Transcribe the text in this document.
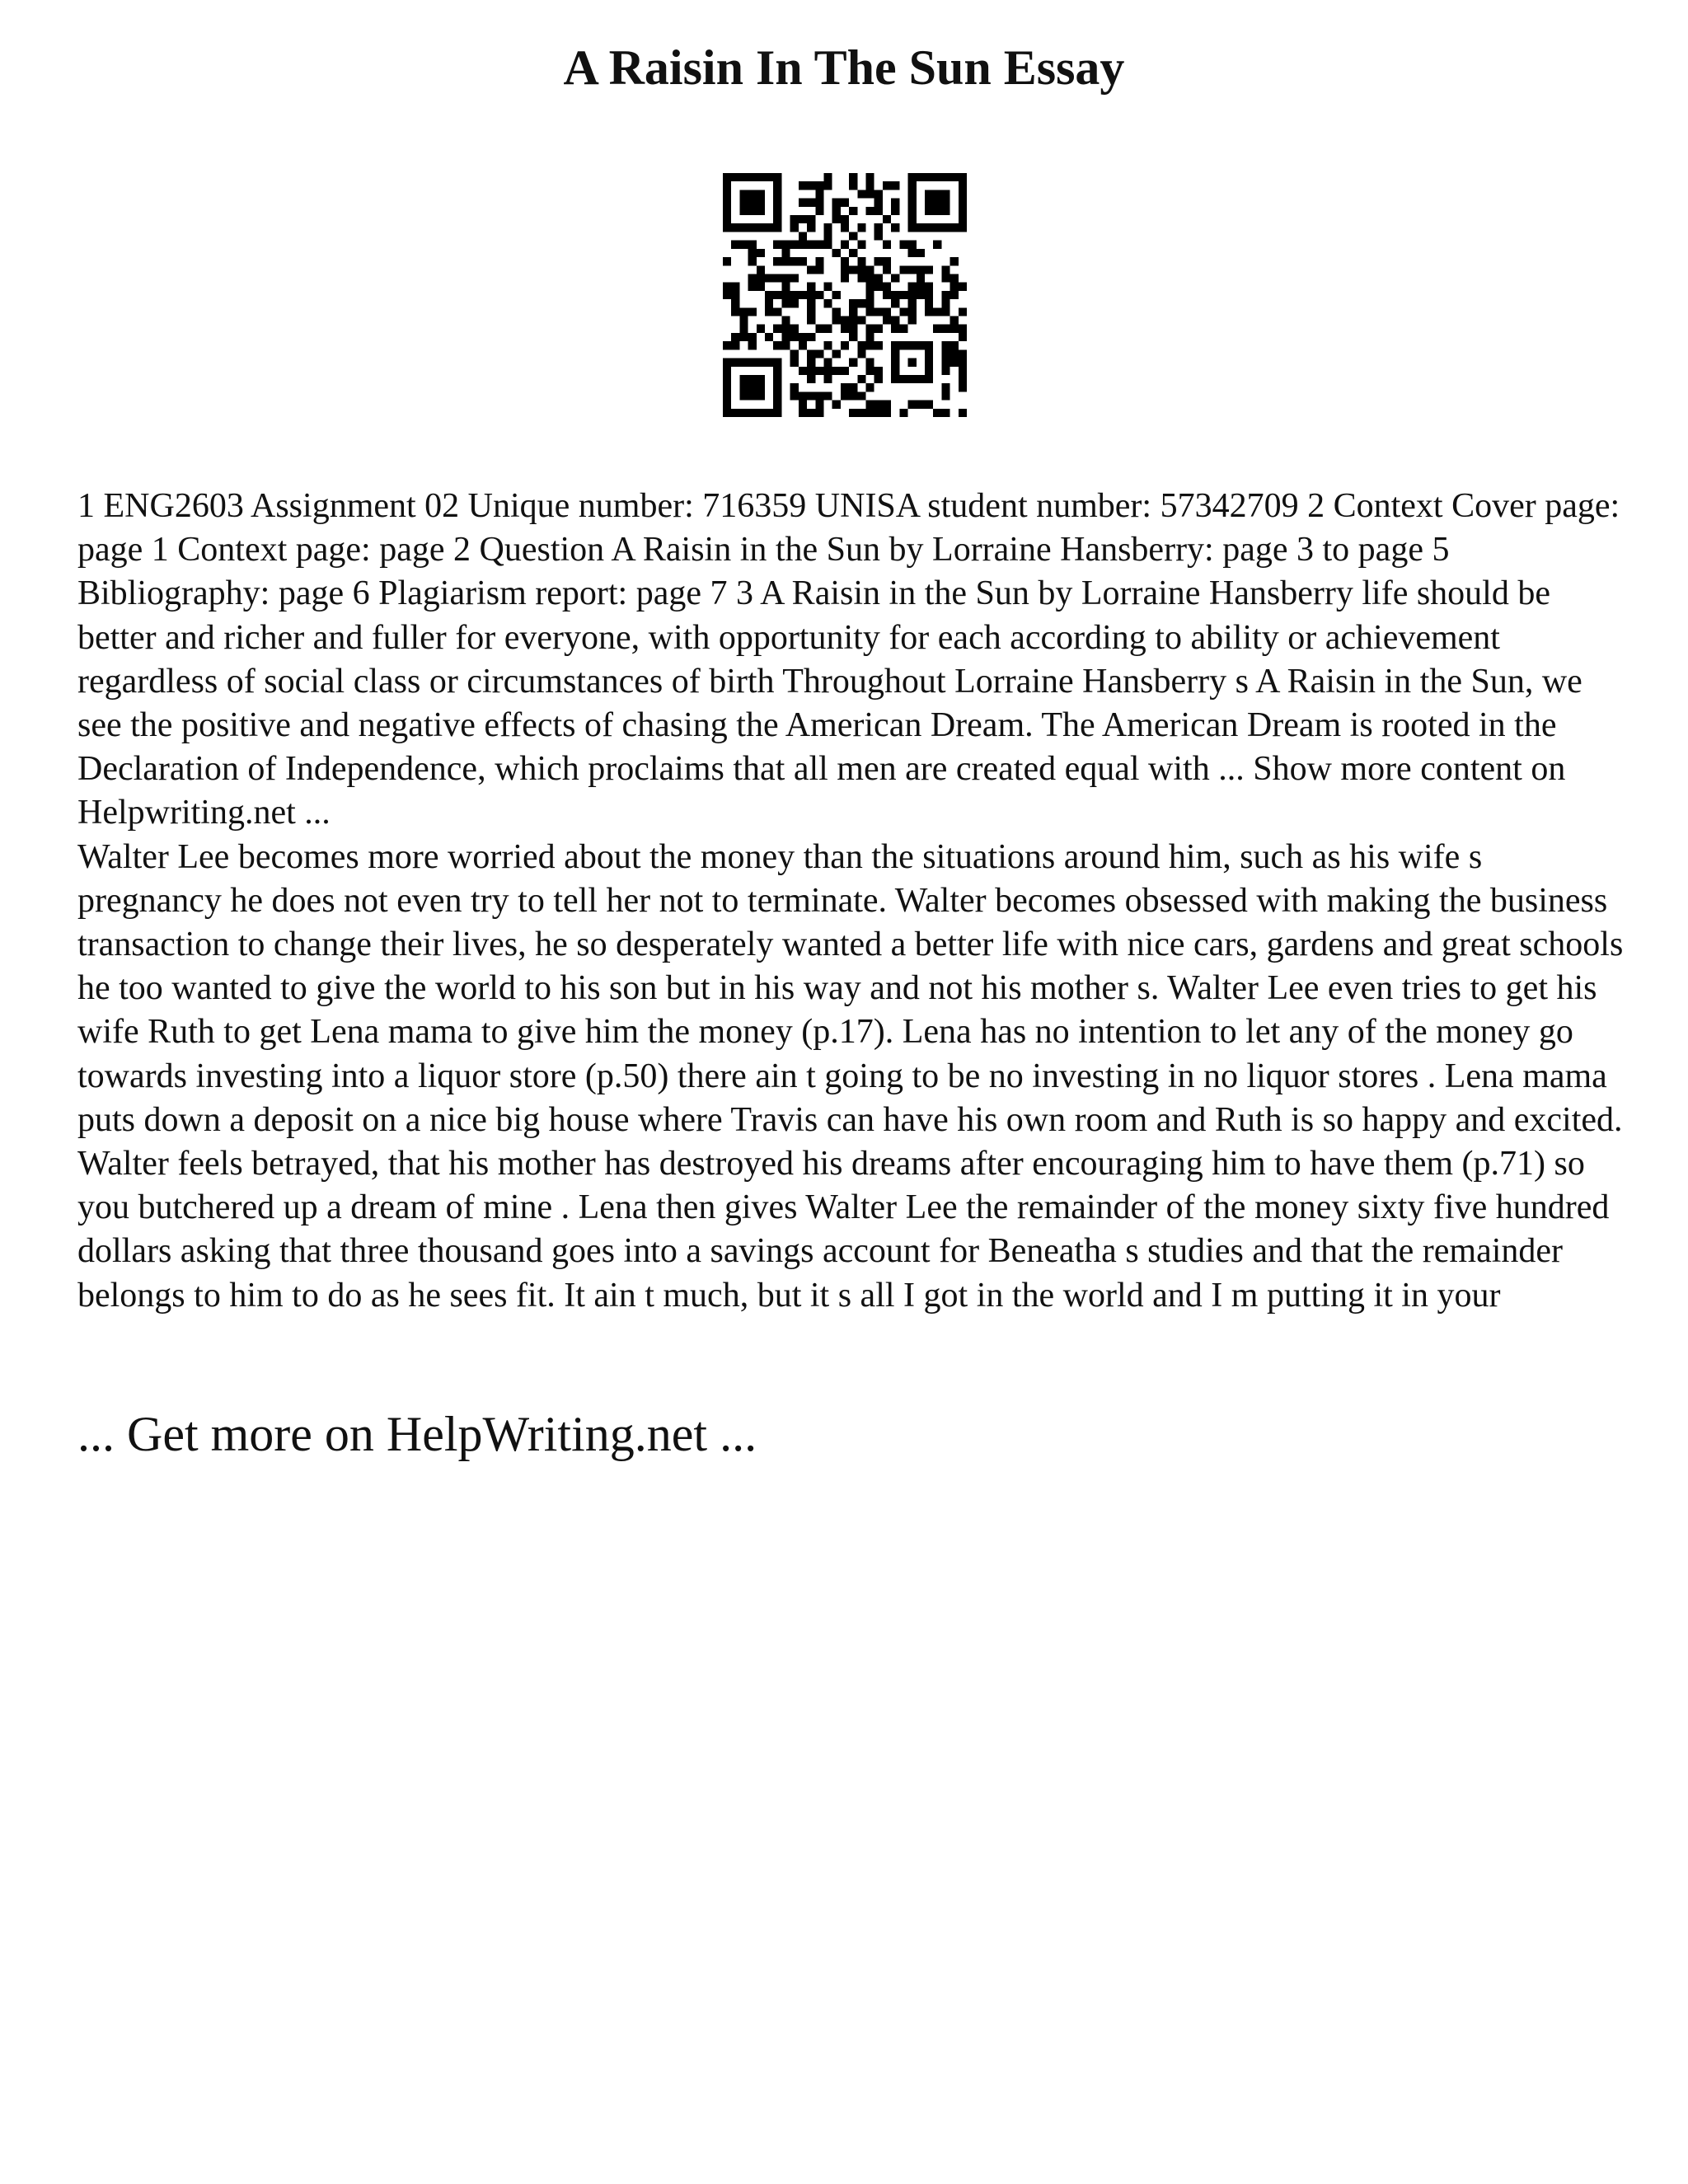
A Raisin In The Sun Essay

1 ENG2603 Assignment 02 Unique number: 716359 UNISA student number: 57342709 2 Context Cover page: page 1 Context page: page 2 Question A Raisin in the Sun by Lorraine Hansberry: page 3 to page 5 Bibliography: page 6 Plagiarism report: page 7 3 A Raisin in the Sun by Lorraine Hansberry life should be better and richer and fuller for everyone, with opportunity for each according to ability or achievement regardless of social class or circumstances of birth Throughout Lorraine Hansberry s A Raisin in the Sun, we see the positive and negative effects of chasing the American Dream. The American Dream is rooted in the Declaration of Independence, which proclaims that all men are created equal with ... Show more content on Helpwriting.net ...

Walter Lee becomes more worried about the money than the situations around him, such as his wife s pregnancy he does not even try to tell her not to terminate. Walter becomes obsessed with making the business transaction to change their lives, he so desperately wanted a better life with nice cars, gardens and great schools he too wanted to give the world to his son but in his way and not his mother s. Walter Lee even tries to get his wife Ruth to get Lena mama to give him the money (p.17). Lena has no intention to let any of the money go towards investing into a liquor store (p.50) there ain t going to be no investing in no liquor stores . Lena mama puts down a deposit on a nice big house where Travis can have his own room and Ruth is so happy and excited. Walter feels betrayed, that his mother has destroyed his dreams after encouraging him to have them (p.71) so you butchered up a dream of mine . Lena then gives Walter Lee the remainder of the money sixty five hundred dollars asking that three thousand goes into a savings account for Beneatha s studies and that the remainder belongs to him to do as he sees fit. It ain t much, but it s all I got in the world and I m putting it in your

... Get more on HelpWriting.net ...
